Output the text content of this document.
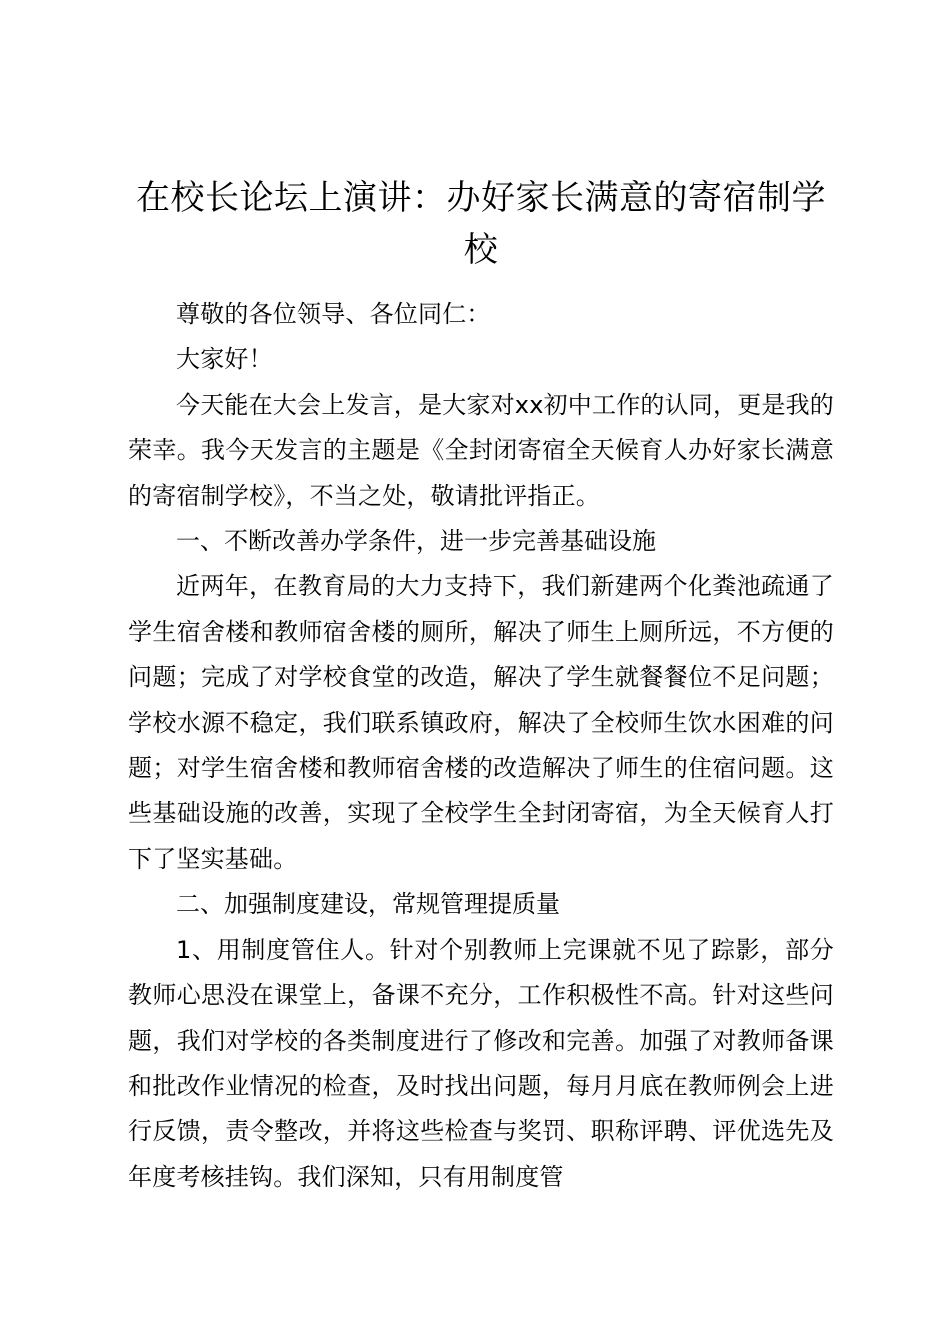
在校长论坛上演讲：办好家长满意的寄宿制学校

尊敬的各位领导、各位同仁：

大家好！

今天能在大会上发言，是大家对xx初中工作的认同，更是我的荣幸。我今天发言的主题是《全封闭寄宿全天候育人办好家长满意的寄宿制学校》，不当之处，敬请批评指正。

一、不断改善办学条件，进一步完善基础设施

近两年，在教育局的大力支持下，我们新建两个化粪池疏通了学生宿舍楼和教师宿舍楼的厕所，解决了师生上厕所远，不方便的问题；完成了对学校食堂的改造，解决了学生就餐餐位不足问题；学校水源不稳定，我们联系镇政府，解决了全校师生饮水困难的问题；对学生宿舍楼和教师宿舍楼的改造解决了师生的住宿问题。这些基础设施的改善，实现了全校学生全封闭寄宿，为全天候育人打下了坚实基础。

二、加强制度建设，常规管理提质量

1、用制度管住人。针对个别教师上完课就不见了踪影，部分教师心思没在课堂上，备课不充分，工作积极性不高。针对这些问题，我们对学校的各类制度进行了修改和完善。加强了对教师备课和批改作业情况的检查，及时找出问题，每月月底在教师例会上进行反馈，责令整改，并将这些检查与奖罚、职称评聘、评优选先及年度考核挂钩。我们深知，只有用制度管
